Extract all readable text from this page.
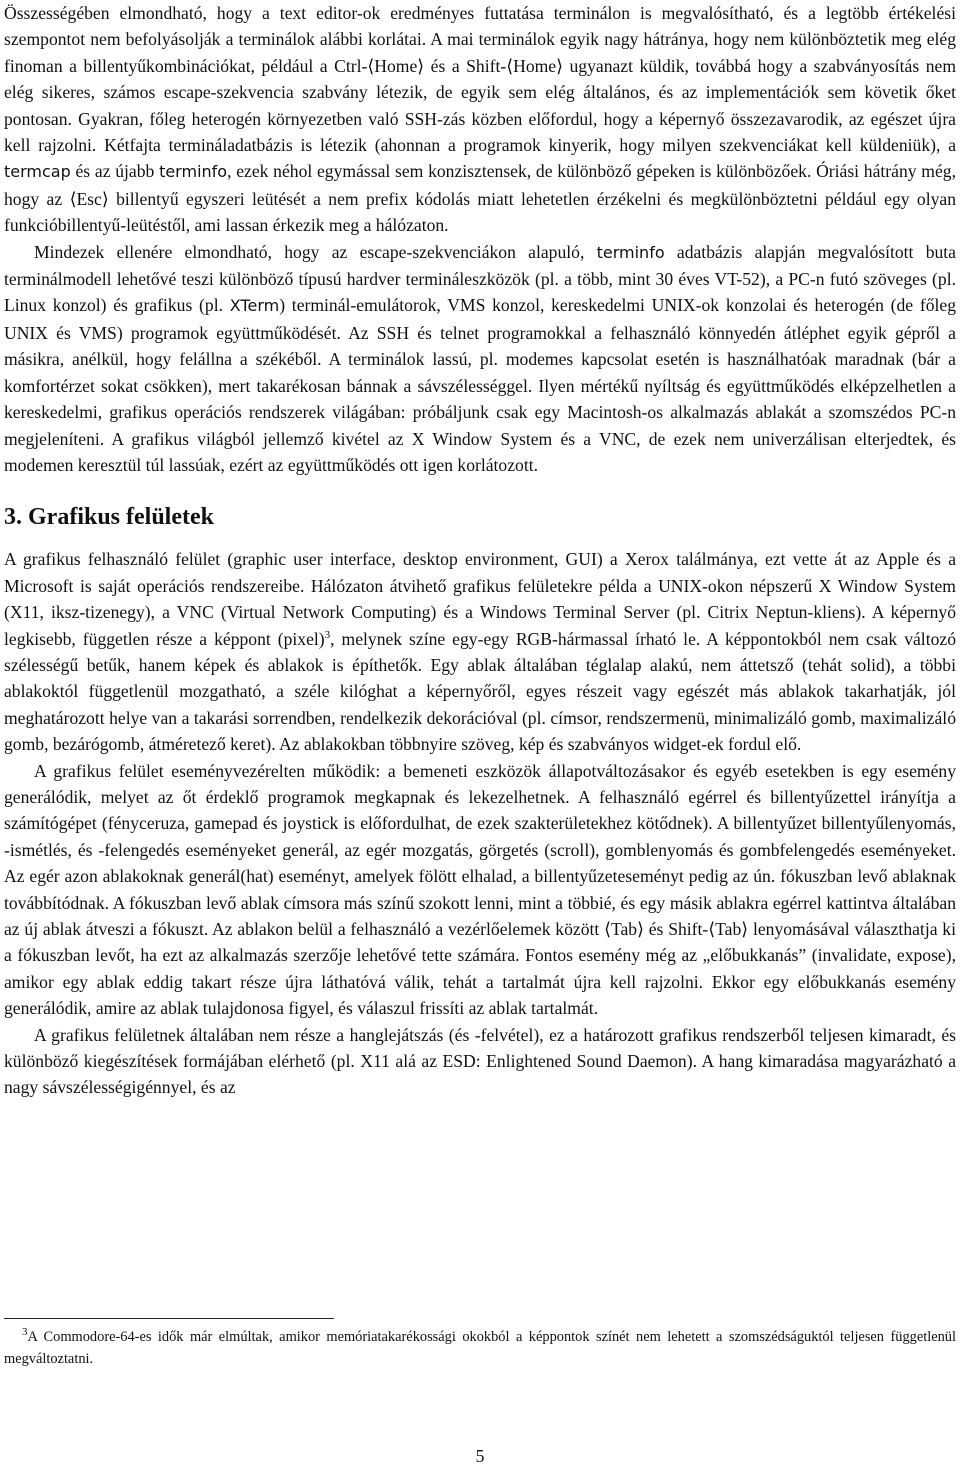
Összességében elmondható, hogy a text editor-ok eredményes futtatása terminálon is megvalósítható, és a legtöbb értékelési szempontot nem befolyásolják a terminálok alábbi korlátai. A mai terminálok egyik nagy hátránya, hogy nem különböztetik meg elég finoman a billentyűkombinációkat, például a Ctrl- ⟨ Home ⟩ és a Shift- ⟨ Home ⟩ ugyanazt küldik, továbbá hogy a szabványosítás nem elég sikeres, számos escape-szekvencia szabvány létezik, de egyik sem elég általános, és az implementációk sem követik őket pontosan. Gyakran, főleg heterogén környezetben való SSH-zás közben előfordul, hogy a képernyő összezavarodik, az egészet újra kell rajzolni. Kétfajta termináladatbázis is létezik (ahonnan a programok kinyerik, hogy milyen szekvenciákat kell küldeniük), a termcap és az újabb terminfo, ezek néhol egymással sem konzisztensek, de különböző gépeken is különbözőek. Óriási hátrány még, hogy az ⟨ Esc ⟩ billentyű egyszeri leütését a nem prefix kódolás miatt lehetetlen érzékelni és megkülönböztetni például egy olyan funkcióbillentyű-leütéstől, ami lassan érkezik meg a hálózaton.

Mindezek ellenére elmondható, hogy az escape-szekvenciákon alapuló, terminfo adatbázis alapján megvalósított buta terminálmodell lehetővé teszi különböző típusú hardver termináleszközök (pl. a több, mint 30 éves VT-52), a PC-n futó szöveges (pl. Linux konzol) és grafikus (pl. XTerm) terminál-emulátorok, VMS konzol, kereskedelmi UNIX-ok konzolai és heterogén (de főleg UNIX és VMS) programok együttműködését. Az SSH és telnet programokkal a felhasználó könnyedén átléphet egyik gépről a másikra, anélkül, hogy felállna a székéből. A terminálok lassú, pl. modemes kapcsolat esetén is használhatóak maradnak (bár a komfortérzet sokat csökken), mert takarékosan bánnak a sávszélességgel. Ilyen mértékű nyíltság és együttműködés elképzelhetlen a kereskedelmi, grafikus operációs rendszerek világában: próbáljunk csak egy Macintosh-os alkalmazás ablakát a szomszédos PC-n megjeleníteni. A grafikus világból jellemző kivétel az X Window System és a VNC, de ezek nem univerzálisan elterjedtek, és modemen keresztül túl lassúak, ezért az együttműködés ott igen korlátozott.

3. Grafikus felületek

A grafikus felhasználó felület (graphic user interface, desktop environment, GUI) a Xerox találmánya, ezt vette át az Apple és a Microsoft is saját operációs rendszereibe. Hálózaton átvihető grafikus felületekre példa a UNIX-okon népszerű X Window System (X11, iksz-tizenegy), a VNC (Virtual Network Computing) és a Windows Terminal Server (pl. Citrix Neptun-kliens). A képernyő legkisebb, független része a képpont (pixel)$^3$, melynek színe egy-egy RGB-hármassal írható le. A képpontokból nem csak változó szélességű betűk, hanem képek és ablakok is építhetők. Egy ablak általában téglalap alakú, nem áttetsző (tehát solid), a többi ablakoktól függetlenül mozgatható, a széle kilóghat a képernyőről, egyes részeit vagy egészét más ablakok takarhatják, jól meghatározott helye van a takarási sorrendben, rendelkezik dekorációval (pl. címsor, rendszermenü, minimalizáló gomb, maximalizáló gomb, bezárógomb, átméretező keret). Az ablakokban többnyire szöveg, kép és szabványos widget-ek fordul elő.

A grafikus felület eseményvezérelten működik: a bemeneti eszközök állapotváltozásakor és egyéb esetekben is egy esemény generálódik, melyet az őt érdeklő programok megkapnak és lekezelhetnek. A felhasználó egérrel és billentyűzettel irányítja a számítógépet (fényceruza, gamepad és joystick is előfordulhat, de ezek szakterületekhez kötődnek). A billentyűzet billentyűlenyomás, -ismétlés, és -felengedés eseményeket generál, az egér mozgatás, görgetés (scroll), gomblenyomás és gombfelengedés eseményeket. Az egér azon ablakoknak generál(hat) eseményt, amelyek fölött elhalad, a billentyűzeteseményt pedig az ún. fókuszban levő ablaknak továbbítódnak. A fókuszban levő ablak címsora más színű szokott lenni, mint a többié, és egy másik ablakra egérrel kattintva általában az új ablak átveszi a fókuszt. Az ablakon belül a felhasználó a vezérlőelemek között ⟨ Tab ⟩ és Shift- ⟨ Tab ⟩ lenyomásával választhatja ki a fókuszban levőt, ha ezt az alkalmazás szerzője lehetővé tette számára. Fontos esemény még az „előbukkanás” (invalidate, expose), amikor egy ablak eddig takart része újra láthatóvá válik, tehát a tartalmát újra kell rajzolni. Ekkor egy előbukkanás esemény generálódik, amire az ablak tulajdonosa figyel, és válaszul frissíti az ablak tartalmát.

A grafikus felületnek általában nem része a hanglejátszás (és -felvétel), ez a határozott grafikus rendszerből teljesen kimaradt, és különböző kiegészítések formájában elérhető (pl. X11 alá az ESD: Enlightened Sound Daemon). A hang kimaradása magyarázható a nagy sávszélességigénnyel, és az

$^3$A Commodore-64-es idők már elmúltak, amikor memóriatakarékossági okokból a képpontok színét nem lehetett a szomszédságuktól teljesen függetlenül megváltoztatni.

5
